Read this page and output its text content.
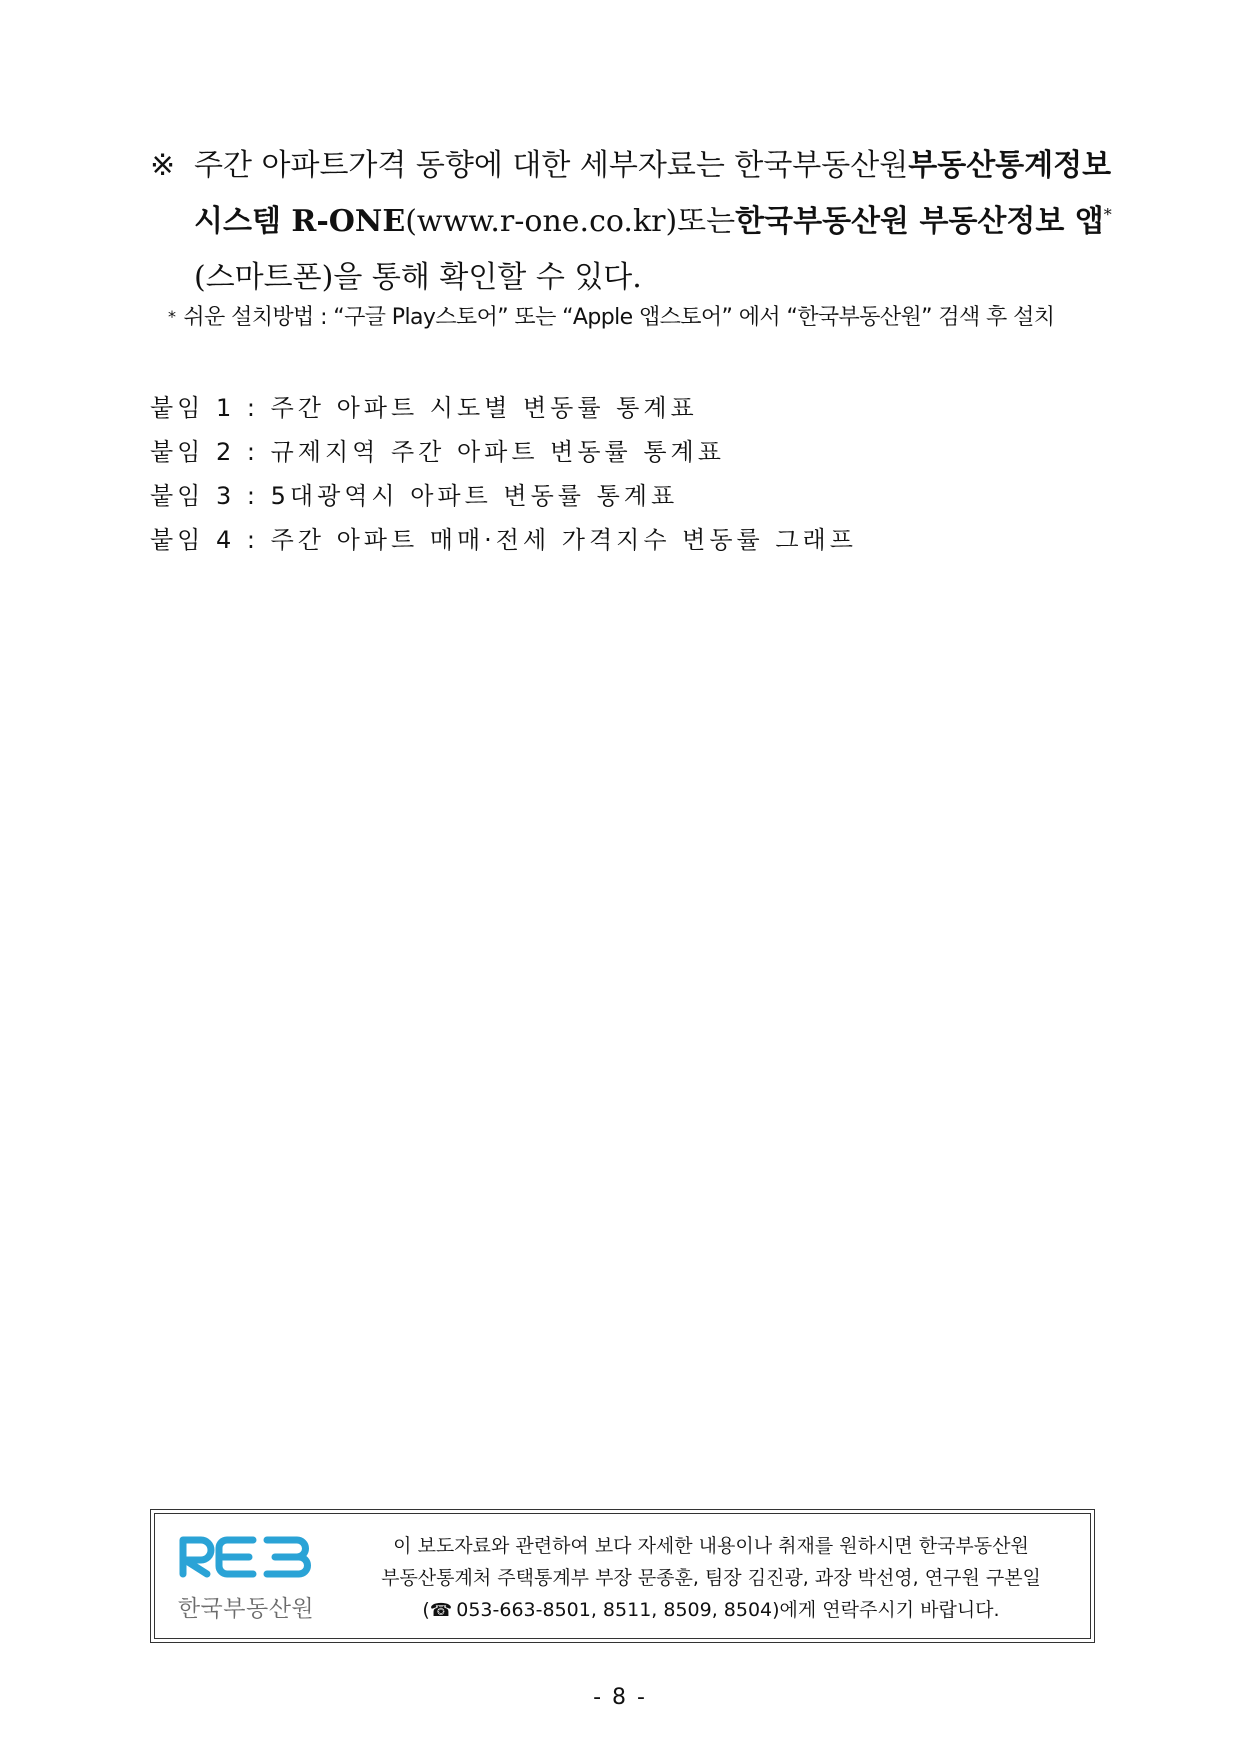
※ 주간 아파트가격 동향에 대한 세부자료는 한국부동산원 부동산통계정보
시스템 R-ONE(www.r-one.co.kr) 또는 한국부동산원 부동산정보 앱*
(스마트폰)을 통해 확인할 수 있다.
* 쉬운 설치방법 : “구글 Play스토어” 또는 “Apple 앱스토어” 에서 “한국부동산원” 검색 후 설치
붙임 1 : 주간 아파트 시도별 변동률 통계표
붙임 2 : 규제지역 주간 아파트 변동률 통계표
붙임 3 : 5대광역시 아파트 변동률 통계표
붙임 4 : 주간 아파트 매매·전세 가격지수 변동률 그래프
한국부동산원
이 보도자료와 관련하여 보다 자세한 내용이나 취재를 원하시면 한국부동산원
부동산통계처 주택통계부 부장 문종훈, 팀장 김진광, 과장 박선영, 연구원 구본일
(☎ 053-663-8501, 8511, 8509, 8504)에게 연락주시기 바랍니다.
- 8 -
